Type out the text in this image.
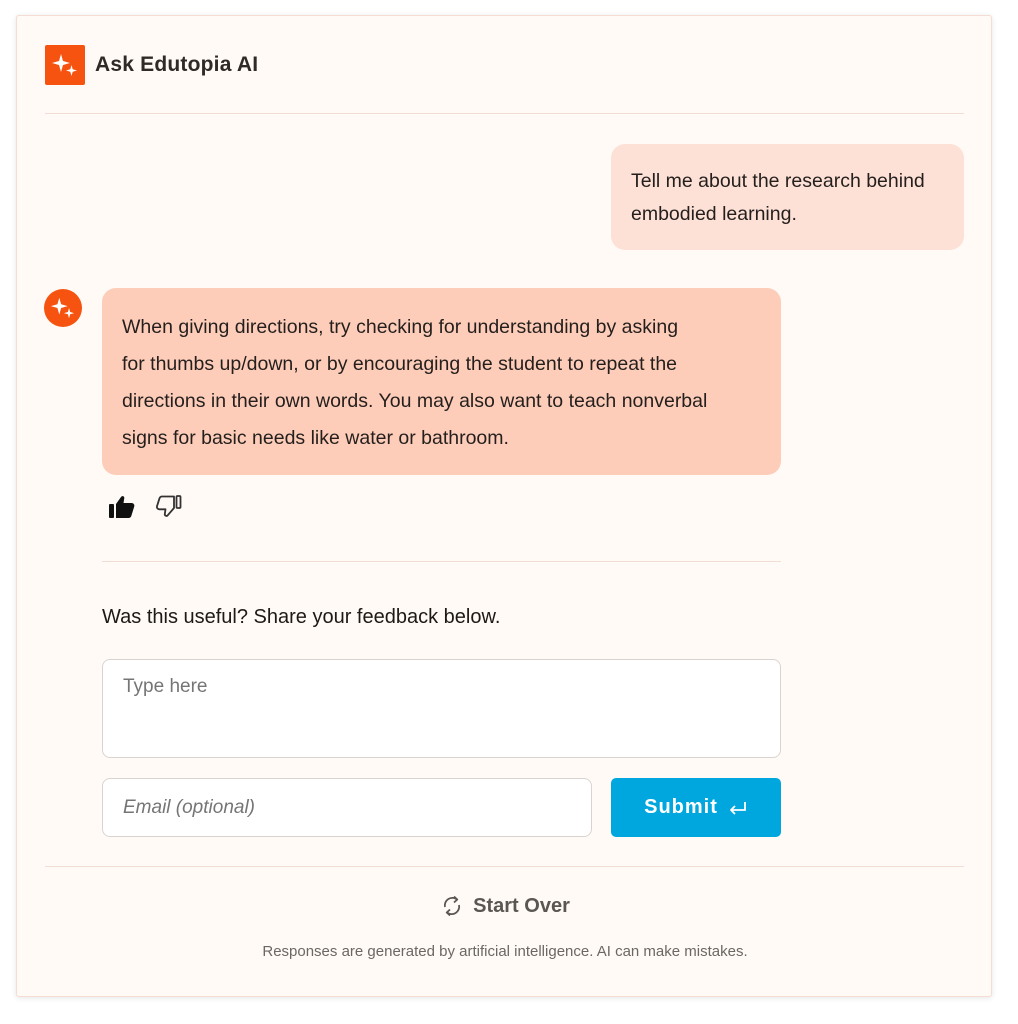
Ask Edutopia AI
Tell me about the research behind
embodied learning.
When giving directions, try checking for understanding by asking
for thumbs up/down, or by encouraging the student to repeat the
directions in their own words. You may also want to teach nonverbal
signs for basic needs like water or bathroom.
Was this useful? Share your feedback below.
Type here
Email (optional)
Submit
Start Over
Responses are generated by artificial intelligence. AI can make mistakes.
